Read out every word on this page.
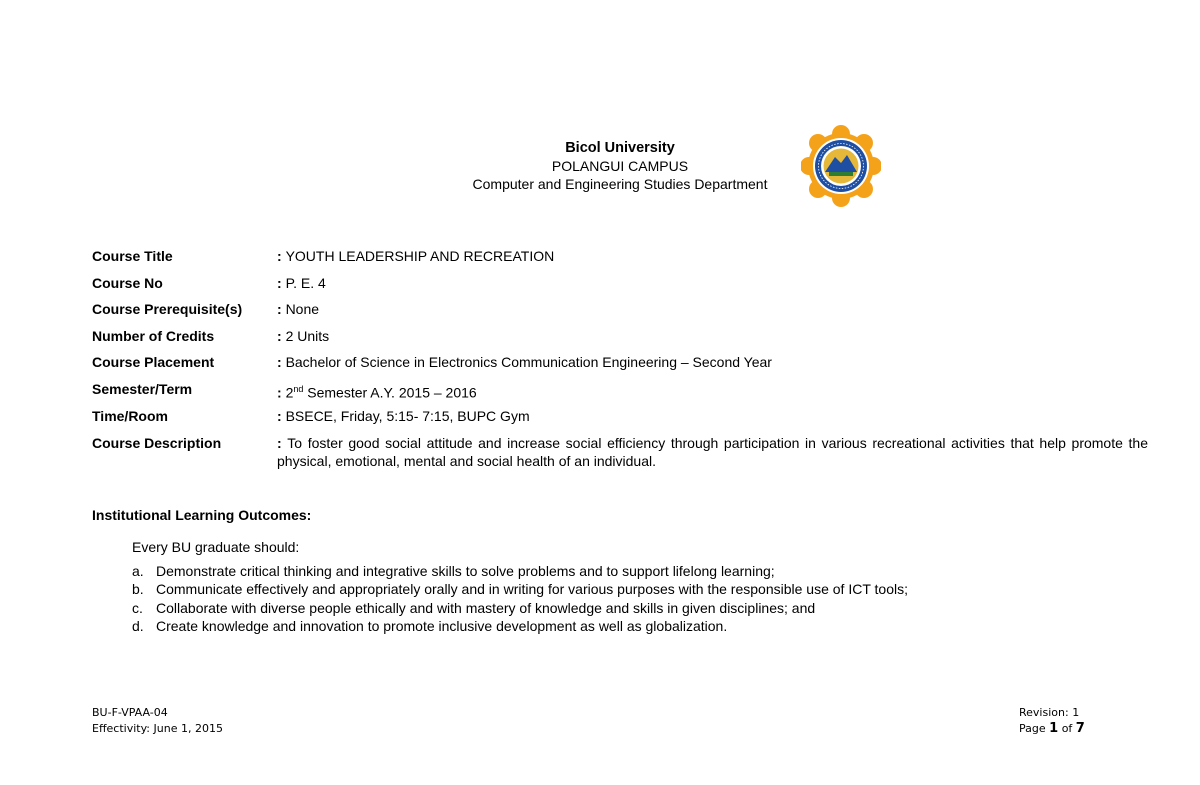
Bicol University
POLANGUI CAMPUS
Computer and Engineering Studies Department
Course Title	: YOUTH LEADERSHIP AND RECREATION
Course No	: P. E. 4
Course Prerequisite(s)	: None
Number of Credits	: 2 Units
Course Placement	: Bachelor of Science in Electronics Communication Engineering – Second Year
Semester/Term	: 2nd Semester A.Y. 2015 – 2016
Time/Room	: BSECE, Friday, 5:15- 7:15, BUPC Gym
Course Description	: To foster good social attitude and increase social efficiency through participation in various recreational activities that help promote the physical, emotional, mental and social health of an individual.
Institutional Learning Outcomes:
Every BU graduate should:
a. Demonstrate critical thinking and integrative skills to solve problems and to support lifelong learning;
b. Communicate effectively and appropriately orally and in writing for various purposes with the responsible use of ICT tools;
c. Collaborate with diverse people ethically and with mastery of knowledge and skills in given disciplines; and
d. Create knowledge and innovation to promote inclusive development as well as globalization.
BU-F-VPAA-04
Effectivity: June 1, 2015
Revision: 1
Page 1 of 7
